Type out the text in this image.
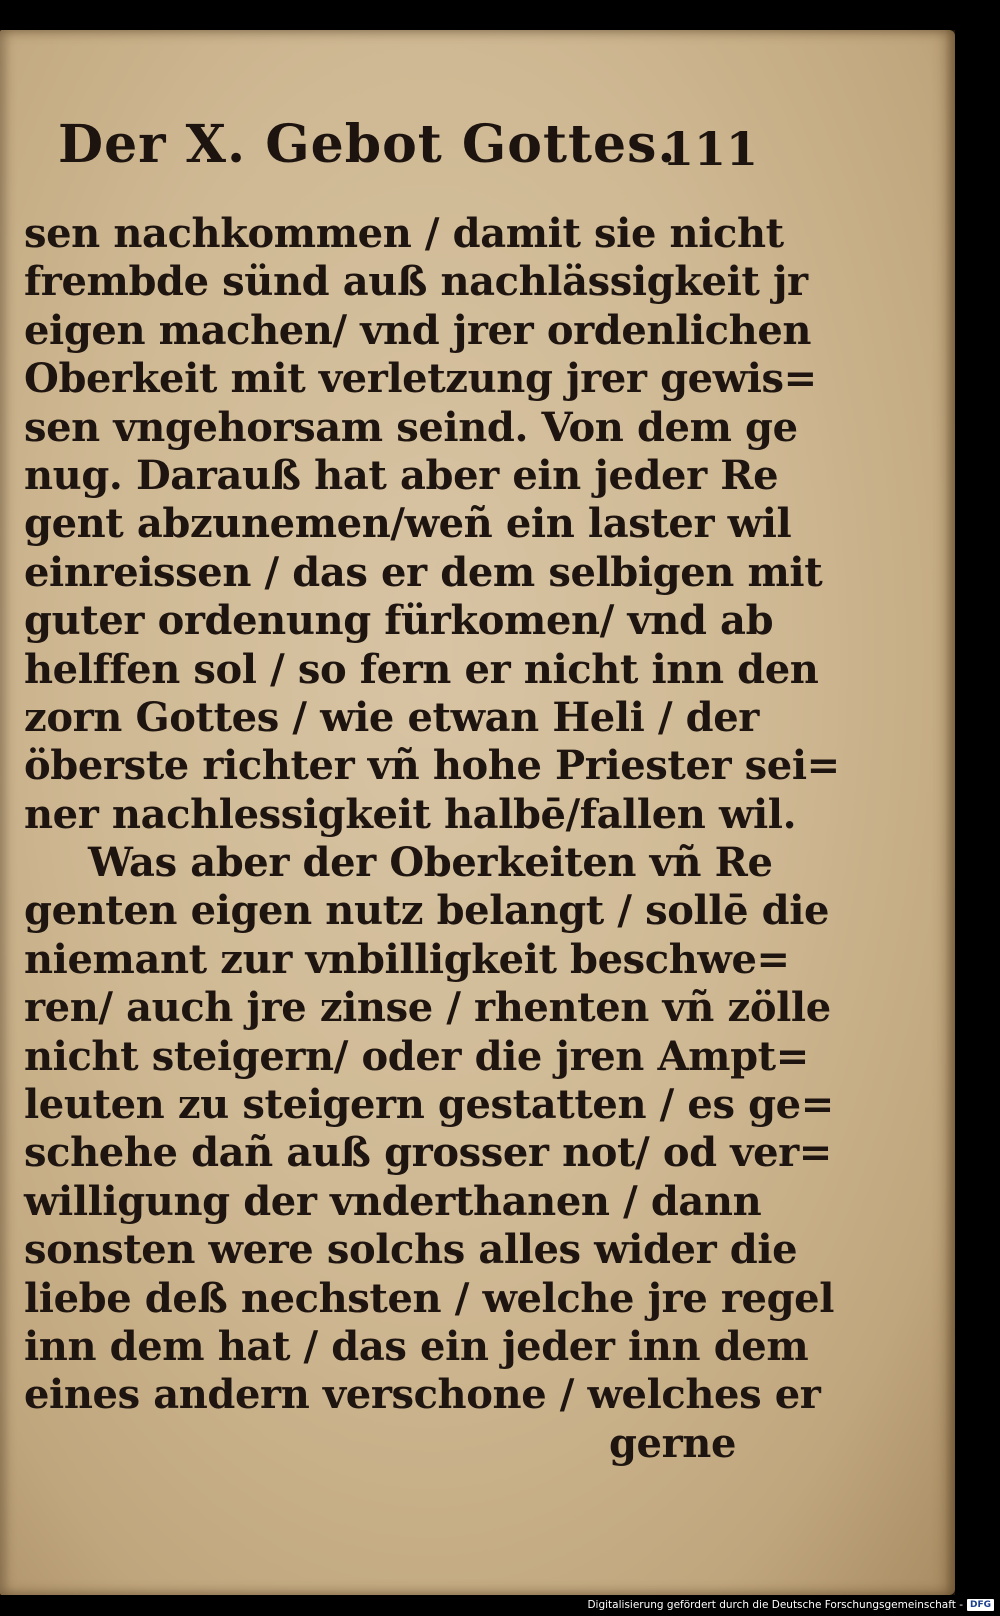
Der X. Gebot Gottes.
111
sen nachkommen / damit sie nicht
frembde sünd auß nachlässigkeit jr
eigen machen/ vnd jrer ordenlichen
Oberkeit mit verletzung jrer gewis=
sen vngehorsam seind. Von dem ge
nug. Darauß hat aber ein jeder Re
gent abzunemen/weñ ein laster wil
einreissen / das er dem selbigen mit
guter ordenung fürkomen/ vnd ab
helffen sol / so fern er nicht inn den
zorn Gottes / wie etwan Heli / der
öberste richter vñ hohe Priester sei=
ner nachlessigkeit halbē/fallen wil.
Was aber der Oberkeiten vñ Re
genten eigen nutz belangt / sollē die
niemant zur vnbilligkeit beschwe=
ren/ auch jre zinse / rhenten vñ zölle
nicht steigern/ oder die jren Ampt=
leuten zu steigern gestatten / es ge=
schehe dañ auß grosser not/ od ver=
willigung der vnderthanen / dann
sonsten were solchs alles wider die
liebe deß nechsten / welche jre regel
inn dem hat / das ein jeder inn dem
eines andern verschone / welches er
gerne
Digitalisierung gefördert durch die Deutsche Forschungsgemeinschaft - DFG
